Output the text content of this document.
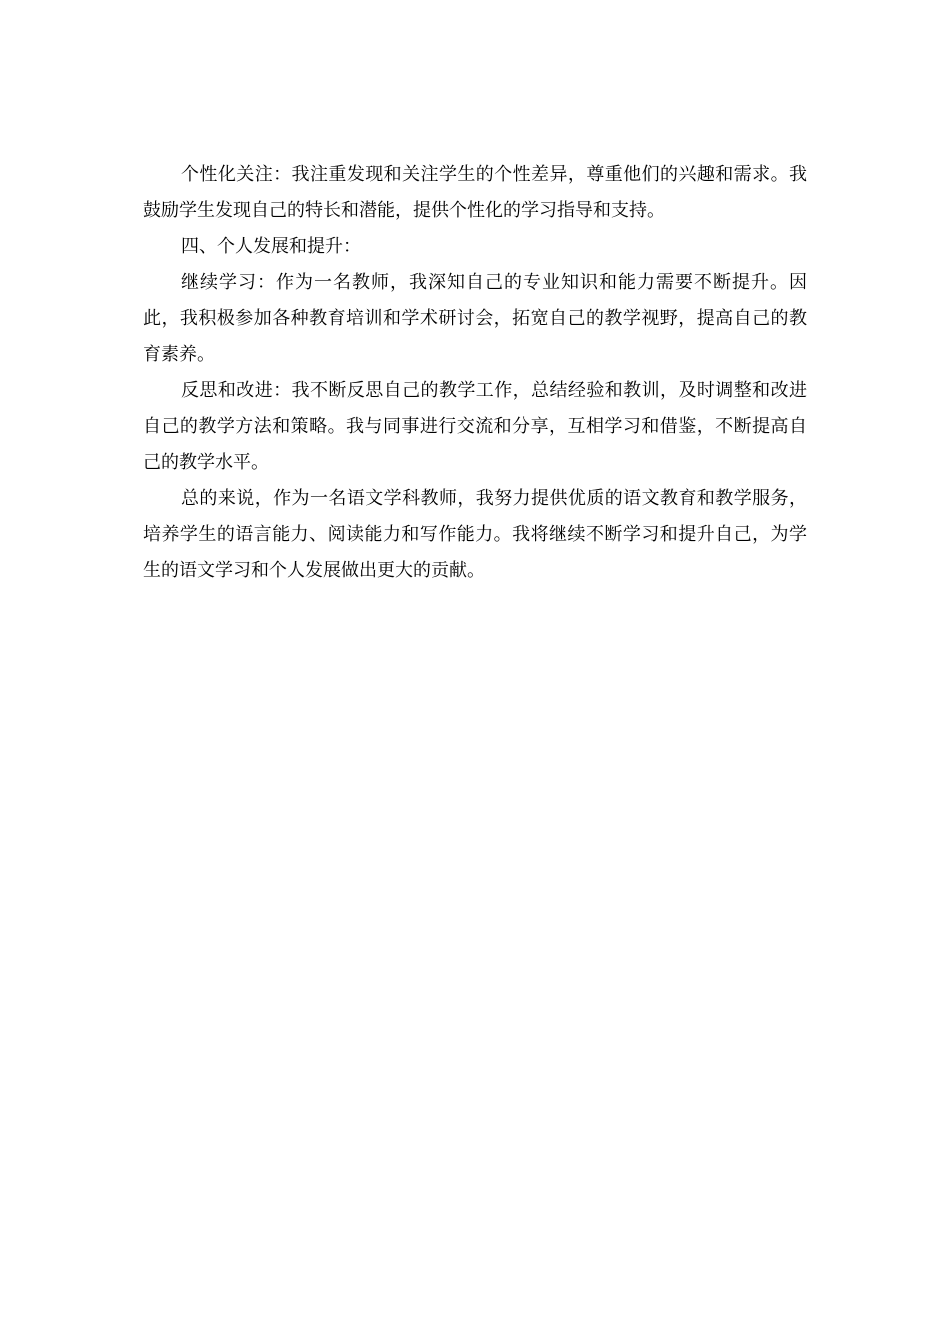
个性化关注：我注重发现和关注学生的个性差异，尊重他们的兴趣和需求。我鼓励学生发现自己的特长和潜能，提供个性化的学习指导和支持。

四、个人发展和提升：

继续学习：作为一名教师，我深知自己的专业知识和能力需要不断提升。因此，我积极参加各种教育培训和学术研讨会，拓宽自己的教学视野，提高自己的教育素养。

反思和改进：我不断反思自己的教学工作，总结经验和教训，及时调整和改进自己的教学方法和策略。我与同事进行交流和分享，互相学习和借鉴，不断提高自己的教学水平。

总的来说，作为一名语文学科教师，我努力提供优质的语文教育和教学服务，培养学生的语言能力、阅读能力和写作能力。我将继续不断学习和提升自己，为学生的语文学习和个人发展做出更大的贡献。
